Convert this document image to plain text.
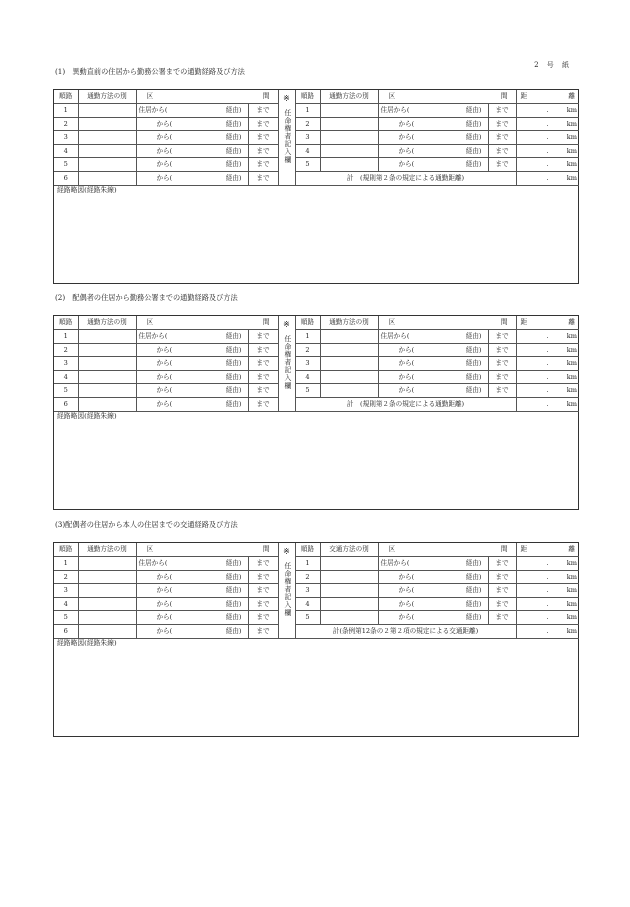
2 号 紙
(1)　異動直前の住居から勤務公署までの通勤経路及び方法
順路	通勤方法の別	区 間		※
任命権者記入欄	順路	通勤方法の別	区 間		距 離

1		住居から( 経由)	まで		1		住居から( 経由)	まで	. km

2		から( 経由)	まで		2		から( 経由)	まで	. km

3		から( 経由)	まで		3		から( 経由)	まで	. km

4		から( 経由)	まで		4		から( 経由)	まで	. km

5		から( 経由)	まで		5		から( 経由)	まで	. km

6		から( 経由)	まで		計　(規則第２条の規定による通勤距離)				. km
経路略図(経路朱線)
(2)　配偶者の住居から勤務公署までの通勤経路及び方法
順路	通勤方法の別	区 間		※
任命権者記入欄	順路	通勤方法の別	区 間		距 離

1		住居から( 経由)	まで		1		住居から( 経由)	まで	. km

2		から( 経由)	まで		2		から( 経由)	まで	. km

3		から( 経由)	まで		3		から( 経由)	まで	. km

4		から( 経由)	まで		4		から( 経由)	まで	. km

5		から( 経由)	まで		5		から( 経由)	まで	. km

6		から( 経由)	まで		計　(規則第２条の規定による通勤距離)				. km
経路略図(経路朱線)
(3)配偶者の住居から本人の住居までの交通経路及び方法
順路	通勤方法の別	区 間		※
任命権者記入欄	順路	交通方法の別	区 間		距 離

1		住居から( 経由)	まで		1		住居から( 経由)	まで	. km

2		から( 経由)	まで		2		から( 経由)	まで	. km

3		から( 経由)	まで		3		から( 経由)	まで	. km

4		から( 経由)	まで		4		から( 経由)	まで	. km

5		から( 経由)	まで		5		から( 経由)	まで	. km

6		から( 経由)	まで		計(条例第12条の２第２項の規定による交通距離)				. km
経路略図(経路朱線)
